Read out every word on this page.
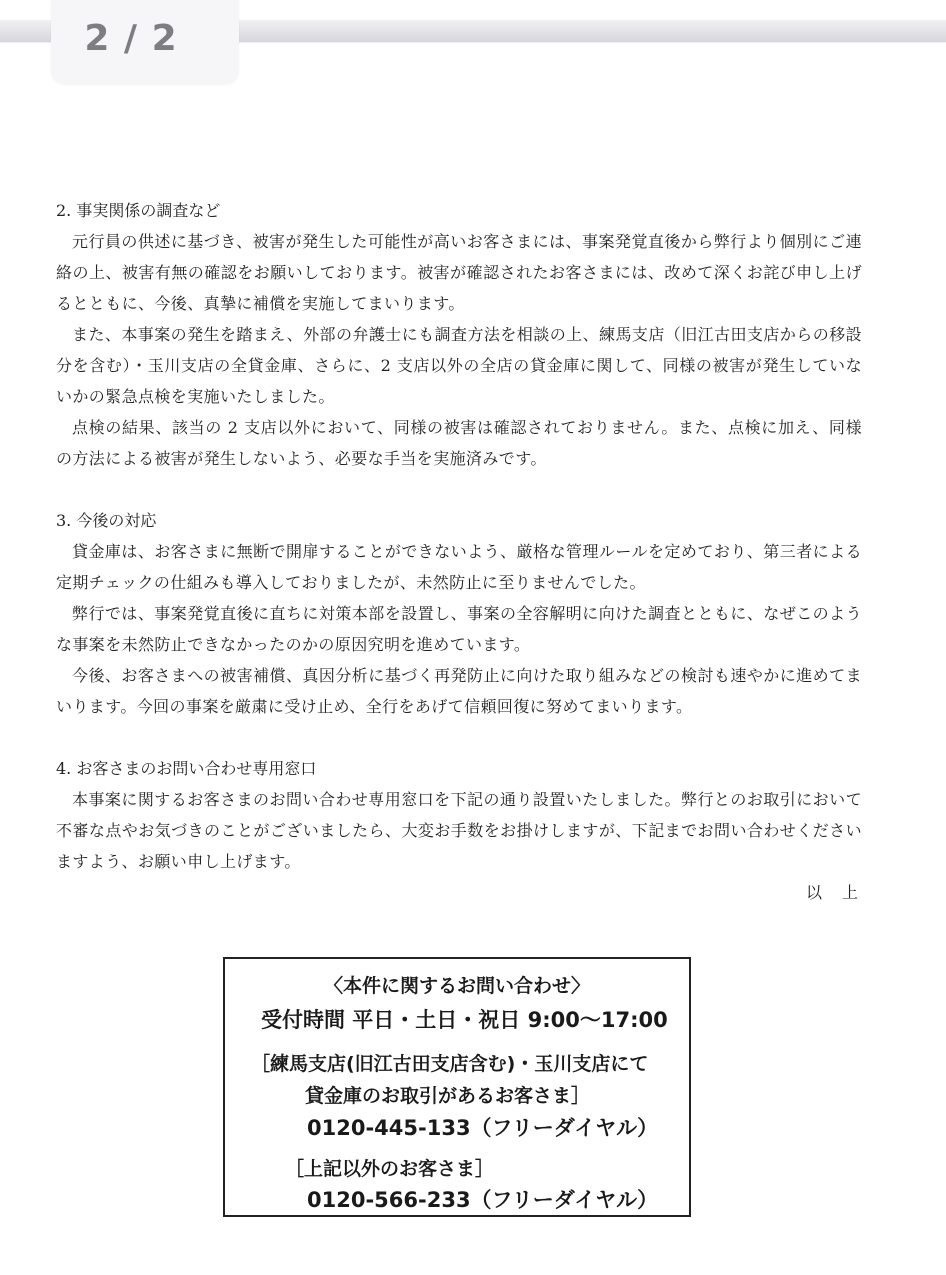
2 / 2

2. 事実関係の調査など

元行員の供述に基づき、被害が発生した可能性が高いお客さまには、事案発覚直後から弊行より個別にご連絡の上、被害有無の確認をお願いしております。被害が確認されたお客さまには、改めて深くお詫び申し上げるとともに、今後、真摯に補償を実施してまいります。

また、本事案の発生を踏まえ、外部の弁護士にも調査方法を相談の上、練馬支店（旧江古田支店からの移設分を含む）・玉川支店の全貸金庫、さらに、2 支店以外の全店の貸金庫に関して、同様の被害が発生していないかの緊急点検を実施いたしました。

点検の結果、該当の 2 支店以外において、同様の被害は確認されておりません。また、点検に加え、同様の方法による被害が発生しないよう、必要な手当を実施済みです。

3. 今後の対応

貸金庫は、お客さまに無断で開扉することができないよう、厳格な管理ルールを定めており、第三者による定期チェックの仕組みも導入しておりましたが、未然防止に至りませんでした。

弊行では、事案発覚直後に直ちに対策本部を設置し、事案の全容解明に向けた調査とともに、なぜこのような事案を未然防止できなかったのかの原因究明を進めています。

今後、お客さまへの被害補償、真因分析に基づく再発防止に向けた取り組みなどの検討も速やかに進めてまいります。今回の事案を厳粛に受け止め、全行をあげて信頼回復に努めてまいります。

4. お客さまのお問い合わせ専用窓口

本事案に関するお客さまのお問い合わせ専用窓口を下記の通り設置いたしました。弊行とのお取引において不審な点やお気づきのことがございましたら、大変お手数をお掛けしますが、下記までお問い合わせくださいますよう、お願い申し上げます。

以　上

〈本件に関するお問い合わせ〉
受付時間 平日・土日・祝日 9:00～17:00
［練馬支店(旧江古田支店含む)・玉川支店にて
貸金庫のお取引があるお客さま］
0120-445-133（フリーダイヤル）
［上記以外のお客さま］
0120-566-233（フリーダイヤル）
